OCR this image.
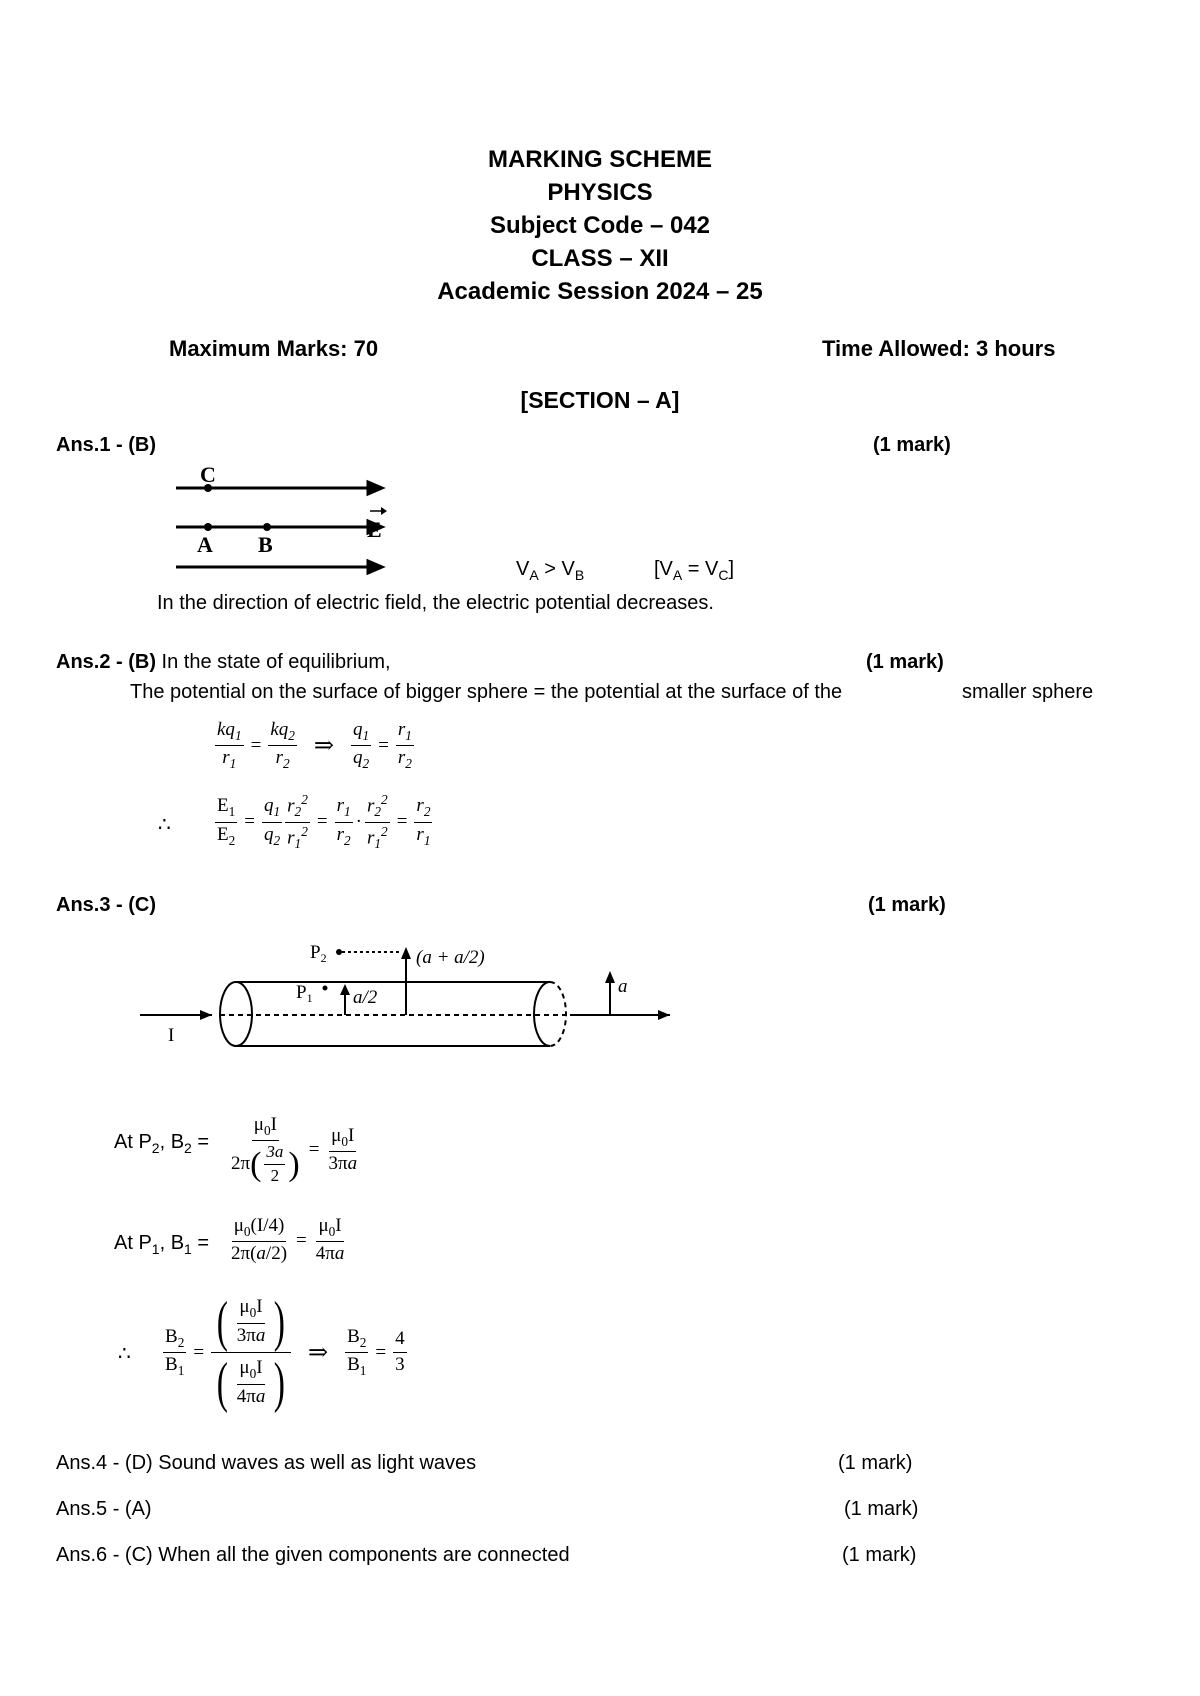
MARKING SCHEME
PHYSICS
Subject Code – 042
CLASS – XII
Academic Session 2024 – 25
Maximum Marks: 70	Time Allowed: 3 hours
[SECTION – A]
Ans.1 - (B)	(1 mark)
C
A B
E
$V_A > V_B$	$[V_A = V_C]$
In the direction of electric field, the electric potential decreases.
Ans.2 - (B) In the state of equilibrium,	(1 mark)
The potential on the surface of bigger sphere = the potential at the surface of the	smaller sphere
$\frac{kq_1}{r_1} = \frac{kq_2}{r_2}$ ⇒ $\frac{q_1}{q_2} = \frac{r_1}{r_2}$
∴ $\frac{E_1}{E_2} = \frac{q_1}{q_2} \frac{r_2^2}{r_1^2} = \frac{r_1}{r_2} \cdot \frac{r_2^2}{r_1^2} = \frac{r_2}{r_1}$
Ans.3 - (C)	(1 mark)
$P_2$
$P_1$
I
(a + a/2)
a/2
a
At $P_2$, $B_2 = \frac{\mu_0I}{2\pi ( \frac{3a}{2} )} = \frac{\mu_0I}{3\pi a}$
At $P_1$, $B_1 = \frac{\mu_0(I/4)}{2\pi(a/2)} = \frac{\mu_0I}{4\pi a}$
∴ $\frac{B_2}{B_1} = \frac{( \frac{\mu_0I}{3\pi a} )}{( \frac{\mu_0I}{4\pi a} )}$ ⇒ $\frac{B_2}{B_1} = \frac{4}{3}$
Ans.4 - (D) Sound waves as well as light waves	(1 mark)
Ans.5 - (A)	(1 mark)
Ans.6 - (C) When all the given components are connected	(1 mark)
